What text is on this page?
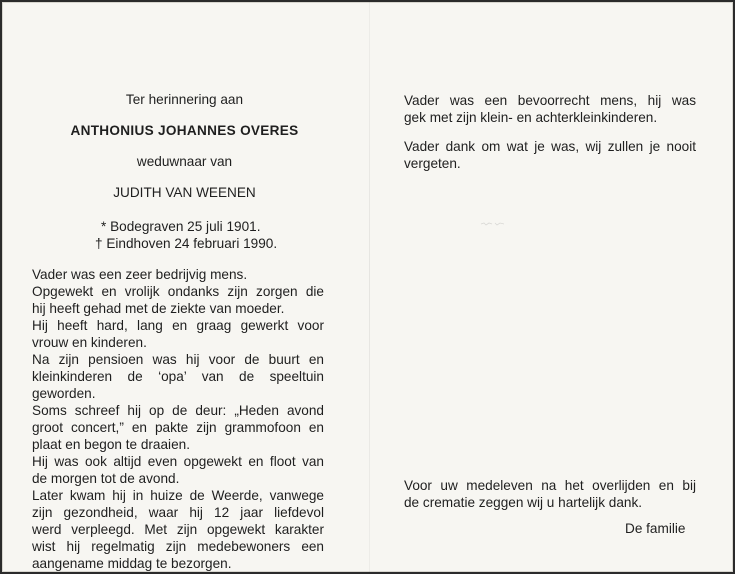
Ter herinnering aan

ANTHONIUS JOHANNES OVERES

weduwnaar van

JUDITH VAN WEENEN

* Bodegraven 25 juli 1901.

† Eindhoven 24 februari 1990.

Vader was een zeer bedrijvig mens.
Opgewekt en vrolijk ondanks zijn zorgen die
hij heeft gehad met de ziekte van moeder.
Hij heeft hard, lang en graag gewerkt voor
vrouw en kinderen.
Na zijn pensioen was hij voor de buurt en
kleinkinderen de ‘opa’ van de speeltuin
geworden.
Soms schreef hij op de deur: „Heden avond
groot concert,” en pakte zijn grammofoon en
plaat en begon te draaien.
Hij was ook altijd even opgewekt en floot van
de morgen tot de avond.
Later kwam hij in huize de Weerde, vanwege
zijn gezondheid, waar hij 12 jaar liefdevol
werd verpleegd. Met zijn opgewekt karakter
wist hij regelmatig zijn medebewoners een
aangename middag te bezorgen.
Vader was een bevoorrecht mens, hij was
gek met zijn klein- en achterkleinkinderen.
Vader dank om wat je was, wij zullen je nooit
vergeten.
Voor uw medeleven na het overlijden en bij
de crematie zeggen wij u hartelijk dank.

De familie
